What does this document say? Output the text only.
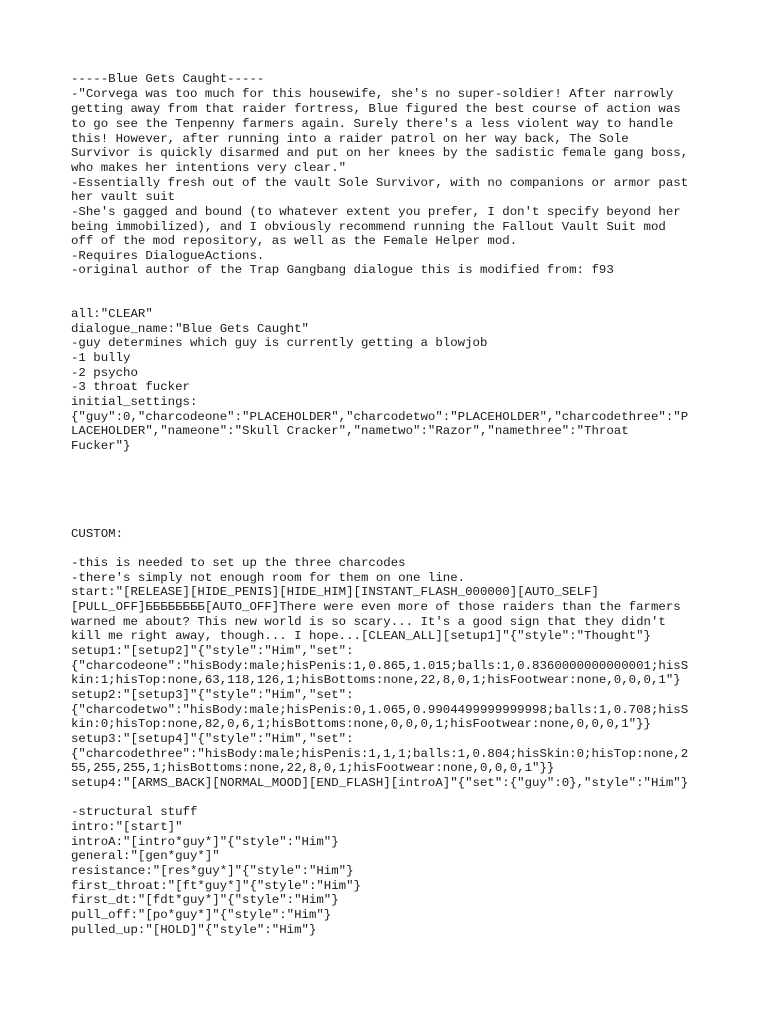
-----Blue Gets Caught-----

-"Corvega was too much for this housewife, she's no super-soldier! After narrowly

getting away from that raider fortress, Blue figured the best course of action was

to go see the Tenpenny farmers again. Surely there's a less violent way to handle

this! However, after running into a raider patrol on her way back, The Sole

Survivor is quickly disarmed and put on her knees by the sadistic female gang boss,

who makes her intentions very clear."

-Essentially fresh out of the vault Sole Survivor, with no companions or armor past

her vault suit

-She's gagged and bound (to whatever extent you prefer, I don't specify beyond her

being immobilized), and I obviously recommend running the Fallout Vault Suit mod

off of the mod repository, as well as the Female Helper mod.

-Requires DialogueActions.

-original author of the Trap Gangbang dialogue this is modified from: f93

all:"CLEAR"

dialogue_name:"Blue Gets Caught"

-guy determines which guy is currently getting a blowjob

-1 bully

-2 psycho

-3 throat fucker

initial_settings:

{"guy":0,"charcodeone":"PLACEHOLDER","charcodetwo":"PLACEHOLDER","charcodethree":"P

LACEHOLDER","nameone":"Skull Cracker","nametwo":"Razor","namethree":"Throat

Fucker"}

CUSTOM:

-this is needed to set up the three charcodes

-there's simply not enough room for them on one line.

start:"[RELEASE][HIDE_PENIS][HIDE_HIM][INSTANT_FLASH_000000][AUTO_SELF]

[PULL_OFF]ББББББББ[AUTO_OFF]There were even more of those raiders than the farmers

warned me about? This new world is so scary... It's a good sign that they didn't

kill me right away, though... I hope...[CLEAN_ALL][setup1]"{"style":"Thought"}

setup1:"[setup2]"{"style":"Him","set":

{"charcodeone":"hisBody:male;hisPenis:1,0.865,1.015;balls:1,0.8360000000000001;hisS

kin:1;hisTop:none,63,118,126,1;hisBottoms:none,22,8,0,1;hisFootwear:none,0,0,0,1"}

setup2:"[setup3]"{"style":"Him","set":

{"charcodetwo":"hisBody:male;hisPenis:0,1.065,0.9904499999999998;balls:1,0.708;hisS

kin:0;hisTop:none,82,0,6,1;hisBottoms:none,0,0,0,1;hisFootwear:none,0,0,0,1"}}

setup3:"[setup4]"{"style":"Him","set":

{"charcodethree":"hisBody:male;hisPenis:1,1,1;balls:1,0.804;hisSkin:0;hisTop:none,2

55,255,255,1;hisBottoms:none,22,8,0,1;hisFootwear:none,0,0,0,1"}}

setup4:"[ARMS_BACK][NORMAL_MOOD][END_FLASH][introA]"{"set":{"guy":0},"style":"Him"}

-structural stuff

intro:"[start]"

introA:"[intro*guy*]"{"style":"Him"}

general:"[gen*guy*]"

resistance:"[res*guy*]"{"style":"Him"}

first_throat:"[ft*guy*]"{"style":"Him"}

first_dt:"[fdt*guy*]"{"style":"Him"}

pull_off:"[po*guy*]"{"style":"Him"}

pulled_up:"[HOLD]"{"style":"Him"}
